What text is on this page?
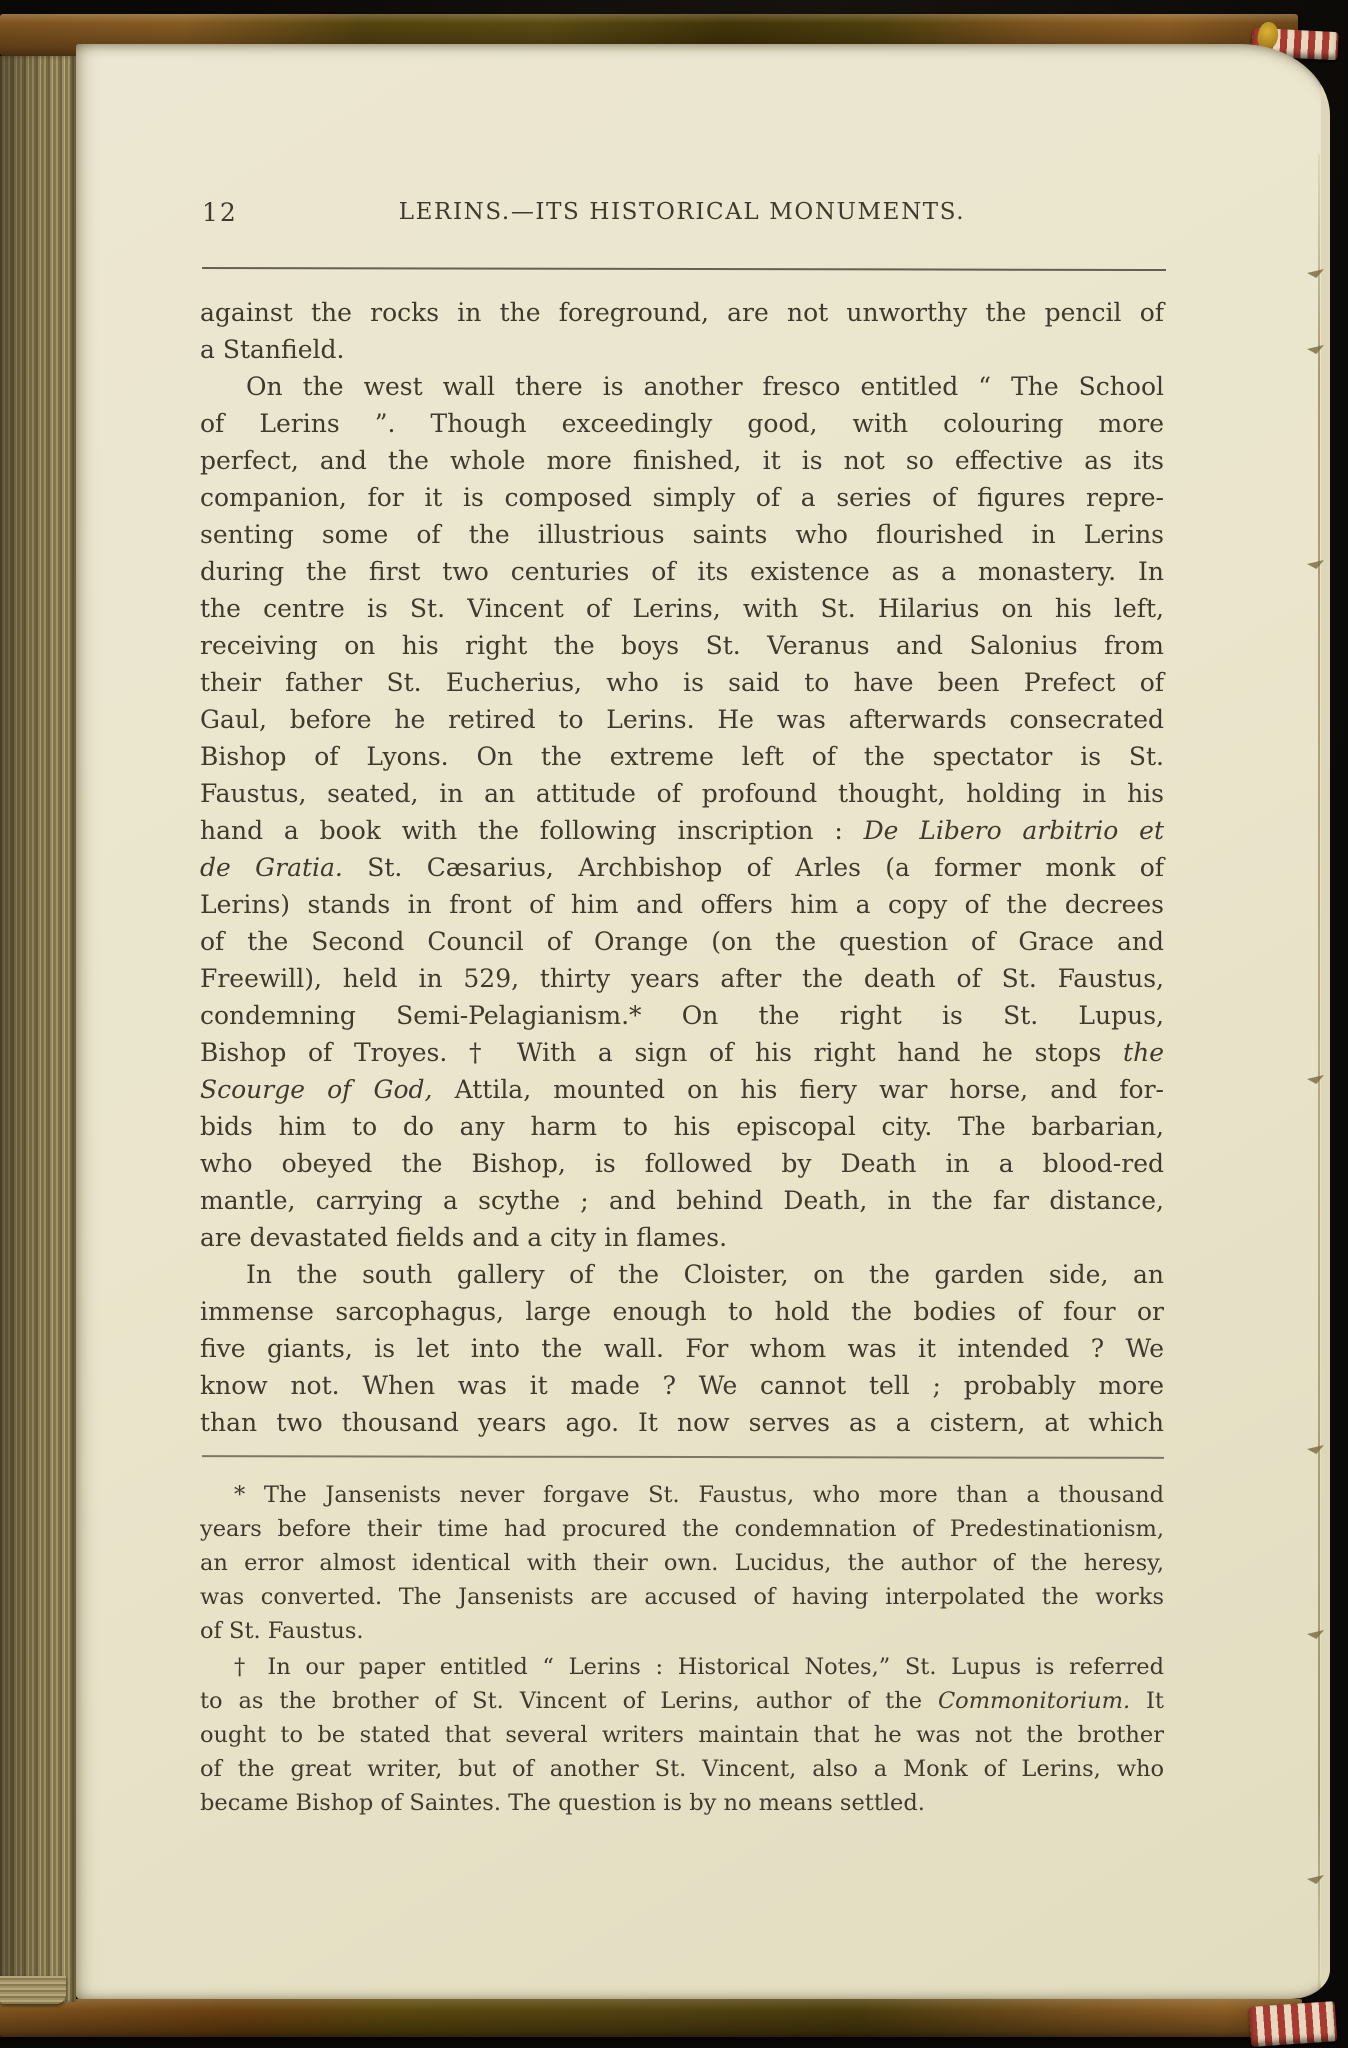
12	LERINS.—ITS HISTORICAL MONUMENTS.
against the rocks in the foreground, are not unworthy the pencil of
a Stanfield.
On the west wall there is another fresco entitled “ The School
of Lerins ”. Though exceedingly good, with colouring more
perfect, and the whole more finished, it is not so effective as its
companion, for it is composed simply of a series of figures repre-
senting some of the illustrious saints who flourished in Lerins
during the first two centuries of its existence as a monastery. In
the centre is St. Vincent of Lerins, with St. Hilarius on his left,
receiving on his right the boys St. Veranus and Salonius from
their father St. Eucherius, who is said to have been Prefect of
Gaul, before he retired to Lerins. He was afterwards consecrated
Bishop of Lyons. On the extreme left of the spectator is St.
Faustus, seated, in an attitude of profound thought, holding in his
hand a book with the following inscription : De Libero arbitrio et
de Gratia. St. Cæsarius, Archbishop of Arles (a former monk of
Lerins) stands in front of him and offers him a copy of the decrees
of the Second Council of Orange (on the question of Grace and
Freewill), held in 529, thirty years after the death of St. Faustus,
condemning Semi-Pelagianism.* On the right is St. Lupus,
Bishop of Troyes. † With a sign of his right hand he stops the
Scourge of God, Attila, mounted on his fiery war horse, and for-
bids him to do any harm to his episcopal city. The barbarian,
who obeyed the Bishop, is followed by Death in a blood-red
mantle, carrying a scythe ; and behind Death, in the far distance,
are devastated fields and a city in flames.
In the south gallery of the Cloister, on the garden side, an
immense sarcophagus, large enough to hold the bodies of four or
five giants, is let into the wall. For whom was it intended ? We
know not. When was it made ? We cannot tell ; probably more
than two thousand years ago. It now serves as a cistern, at which
* The Jansenists never forgave St. Faustus, who more than a thousand
years before their time had procured the condemnation of Predestinationism,
an error almost identical with their own. Lucidus, the author of the heresy,
was converted. The Jansenists are accused of having interpolated the works
of St. Faustus.
† In our paper entitled “ Lerins : Historical Notes,” St. Lupus is referred
to as the brother of St. Vincent of Lerins, author of the Commonitorium. It
ought to be stated that several writers maintain that he was not the brother
of the great writer, but of another St. Vincent, also a Monk of Lerins, who
became Bishop of Saintes. The question is by no means settled.
